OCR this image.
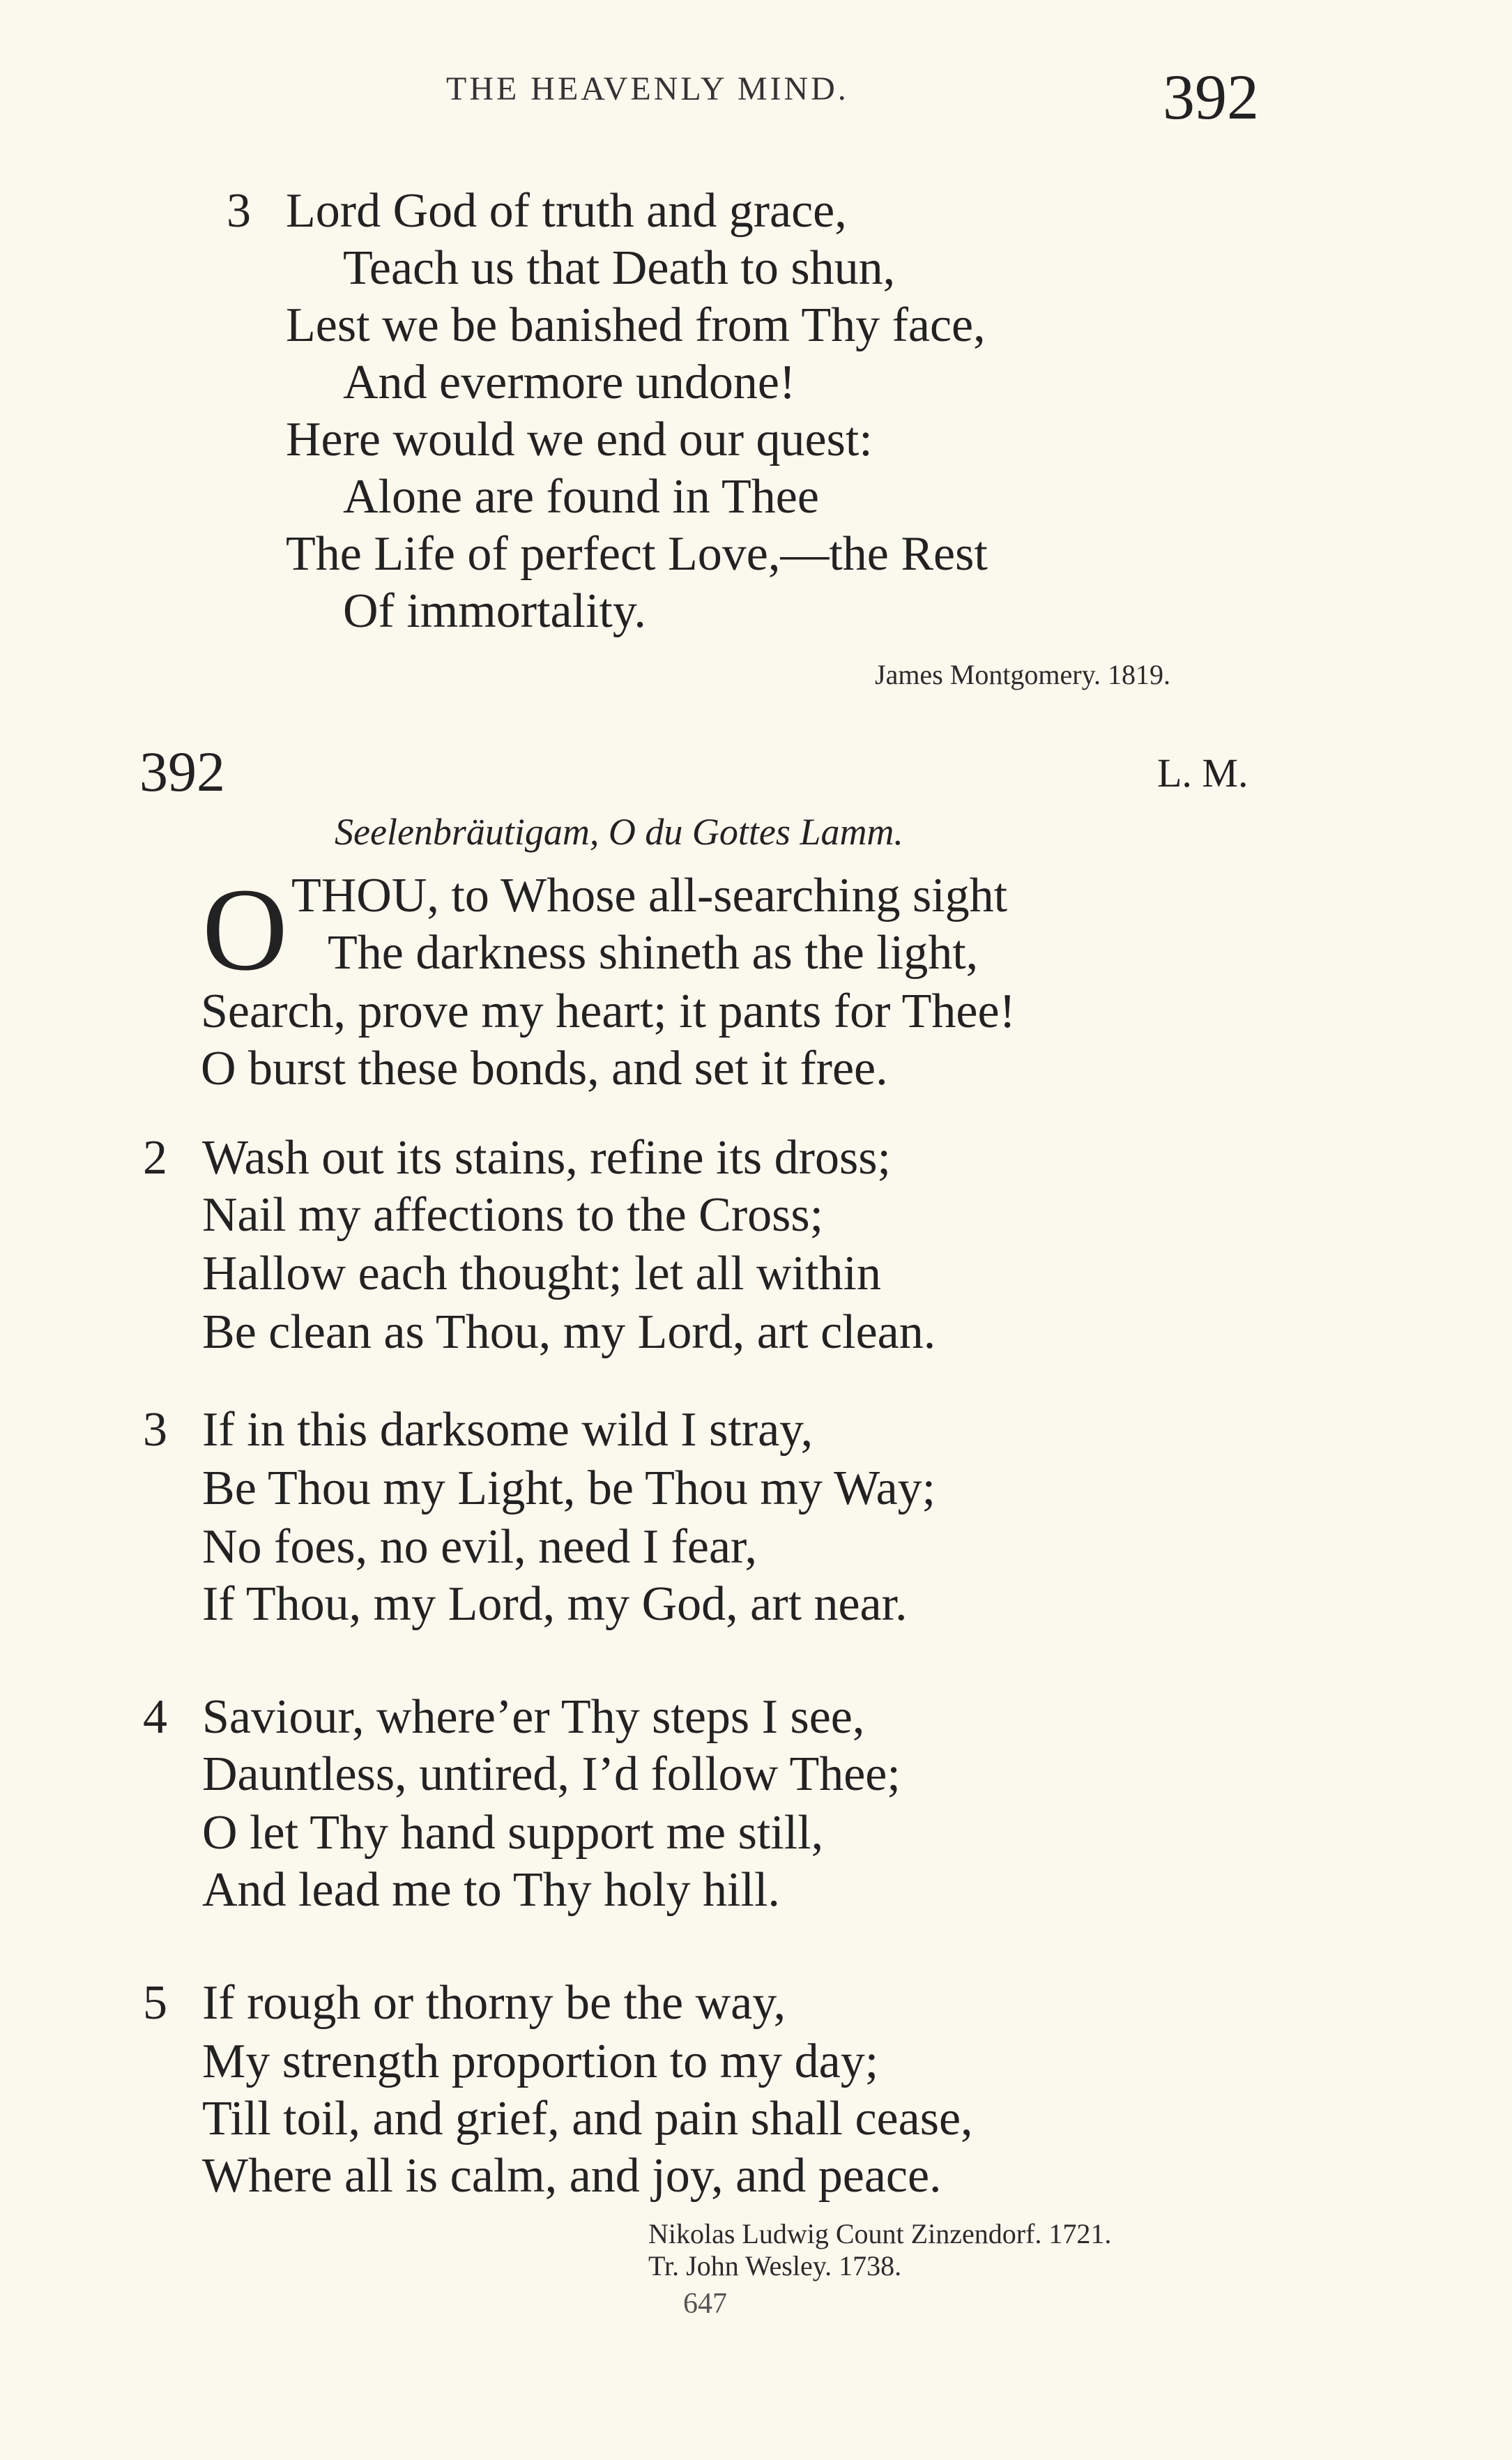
THE HEAVENLY MIND.	392
3 Lord God of truth and grace,
Teach us that Death to shun,
Lest we be banished from Thy face,
And evermore undone!
Here would we end our quest:
Alone are found in Thee
The Life of perfect Love,—the Rest
Of immortality.
James Montgomery. 1819.
392	L. M.
Seelenbräutigam, O du Gottes Lamm.
O THOU, to Whose all-searching sight
The darkness shineth as the light,
Search, prove my heart; it pants for Thee!
O burst these bonds, and set it free.
2 Wash out its stains, refine its dross;
Nail my affections to the Cross;
Hallow each thought; let all within
Be clean as Thou, my Lord, art clean.
3 If in this darksome wild I stray,
Be Thou my Light, be Thou my Way;
No foes, no evil, need I fear,
If Thou, my Lord, my God, art near.
4 Saviour, where’er Thy steps I see,
Dauntless, untired, I’d follow Thee;
O let Thy hand support me still,
And lead me to Thy holy hill.
5 If rough or thorny be the way,
My strength proportion to my day;
Till toil, and grief, and pain shall cease,
Where all is calm, and joy, and peace.
Nikolas Ludwig Count Zinzendorf. 1721.
Tr. John Wesley. 1738.
647
